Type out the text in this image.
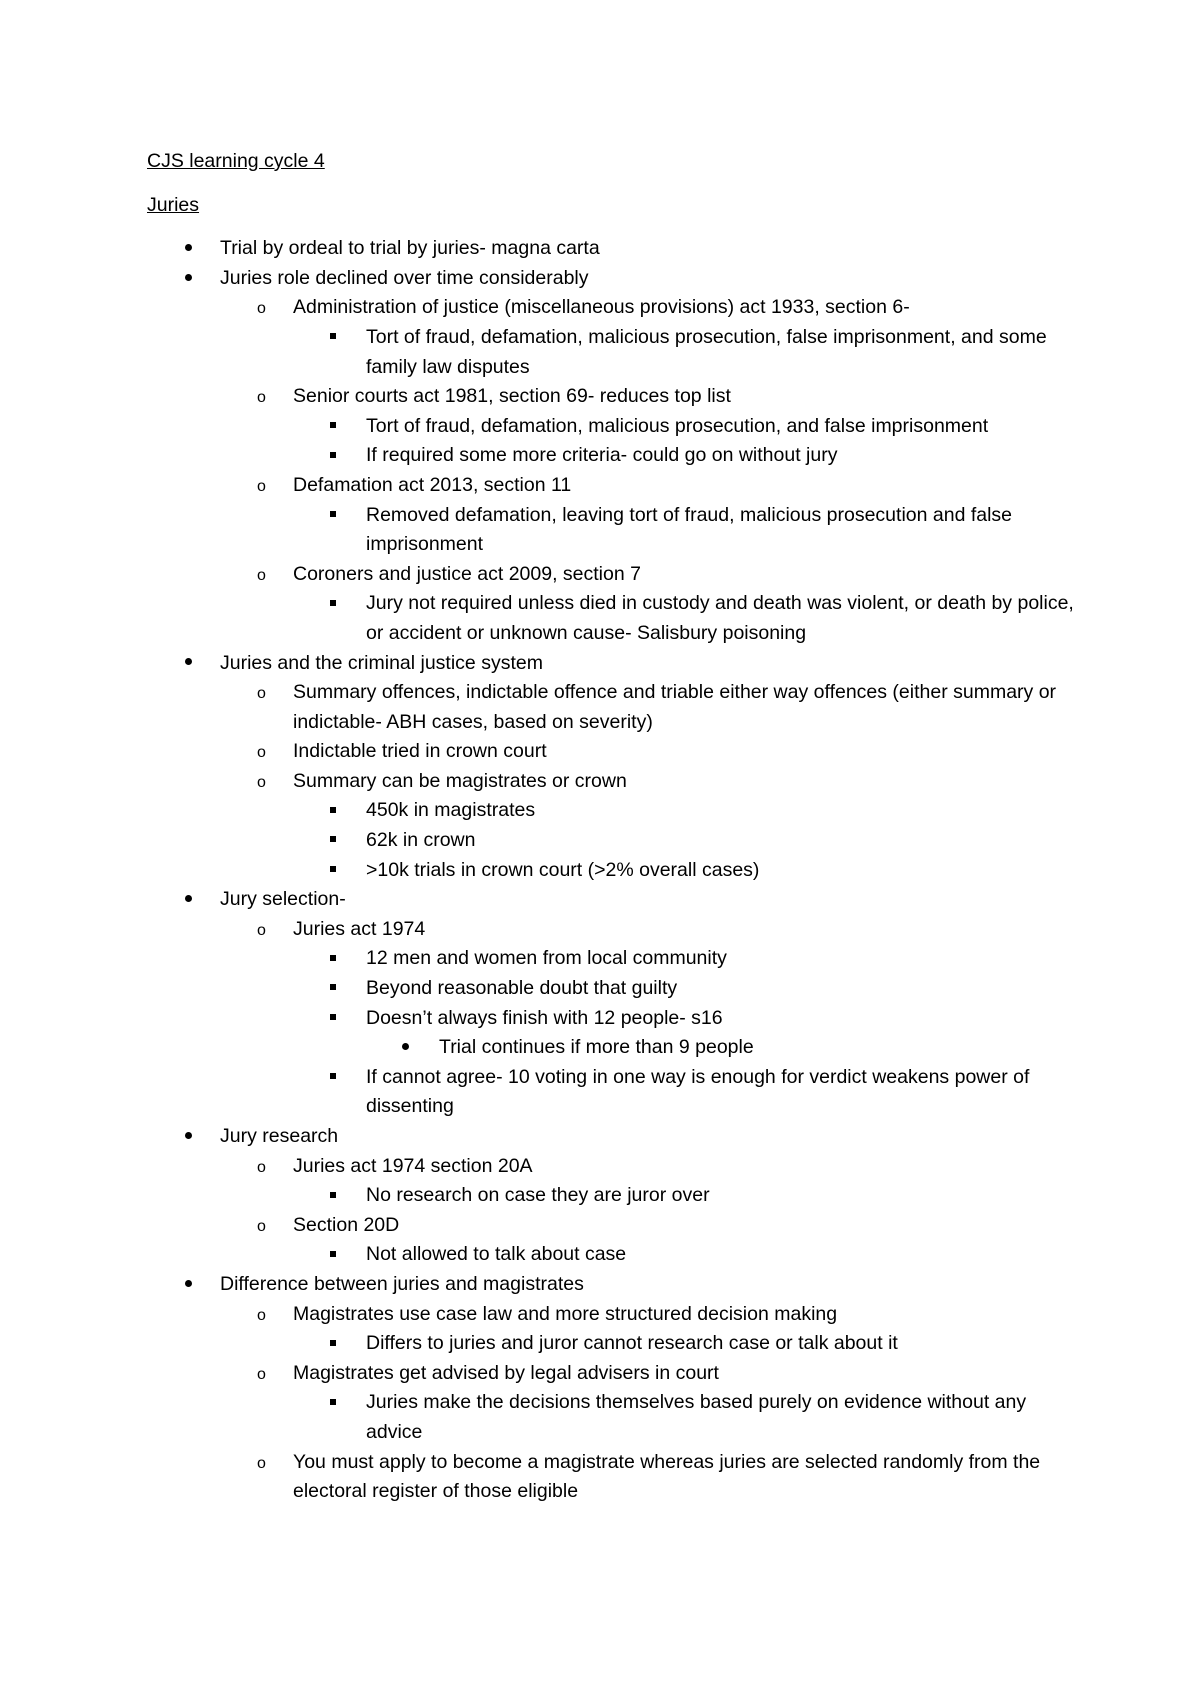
CJS learning cycle 4

Juries

Trial by ordeal to trial by juries- magna carta
Juries role declined over time considerably
o Administration of justice (miscellaneous provisions) act 1933, section 6-
Tort of fraud, defamation, malicious prosecution, false imprisonment, and some family law disputes
o Senior courts act 1981, section 69- reduces top list
Tort of fraud, defamation, malicious prosecution, and false imprisonment
If required some more criteria- could go on without jury
o Defamation act 2013, section 11
Removed defamation, leaving tort of fraud, malicious prosecution and false imprisonment
o Coroners and justice act 2009, section 7
Jury not required unless died in custody and death was violent, or death by police, or accident or unknown cause- Salisbury poisoning
Juries and the criminal justice system
o Summary offences, indictable offence and triable either way offences (either summary or indictable- ABH cases, based on severity)
o Indictable tried in crown court
o Summary can be magistrates or crown
450k in magistrates
62k in crown
>10k trials in crown court (>2% overall cases)
Jury selection-
o Juries act 1974
12 men and women from local community
Beyond reasonable doubt that guilty
Doesn’t always finish with 12 people- s16
Trial continues if more than 9 people
If cannot agree- 10 voting in one way is enough for verdict weakens power of dissenting
Jury research
o Juries act 1974 section 20A
No research on case they are juror over
o Section 20D
Not allowed to talk about case
Difference between juries and magistrates
o Magistrates use case law and more structured decision making
Differs to juries and juror cannot research case or talk about it
o Magistrates get advised by legal advisers in court
Juries make the decisions themselves based purely on evidence without any advice
o You must apply to become a magistrate whereas juries are selected randomly from the electoral register of those eligible
